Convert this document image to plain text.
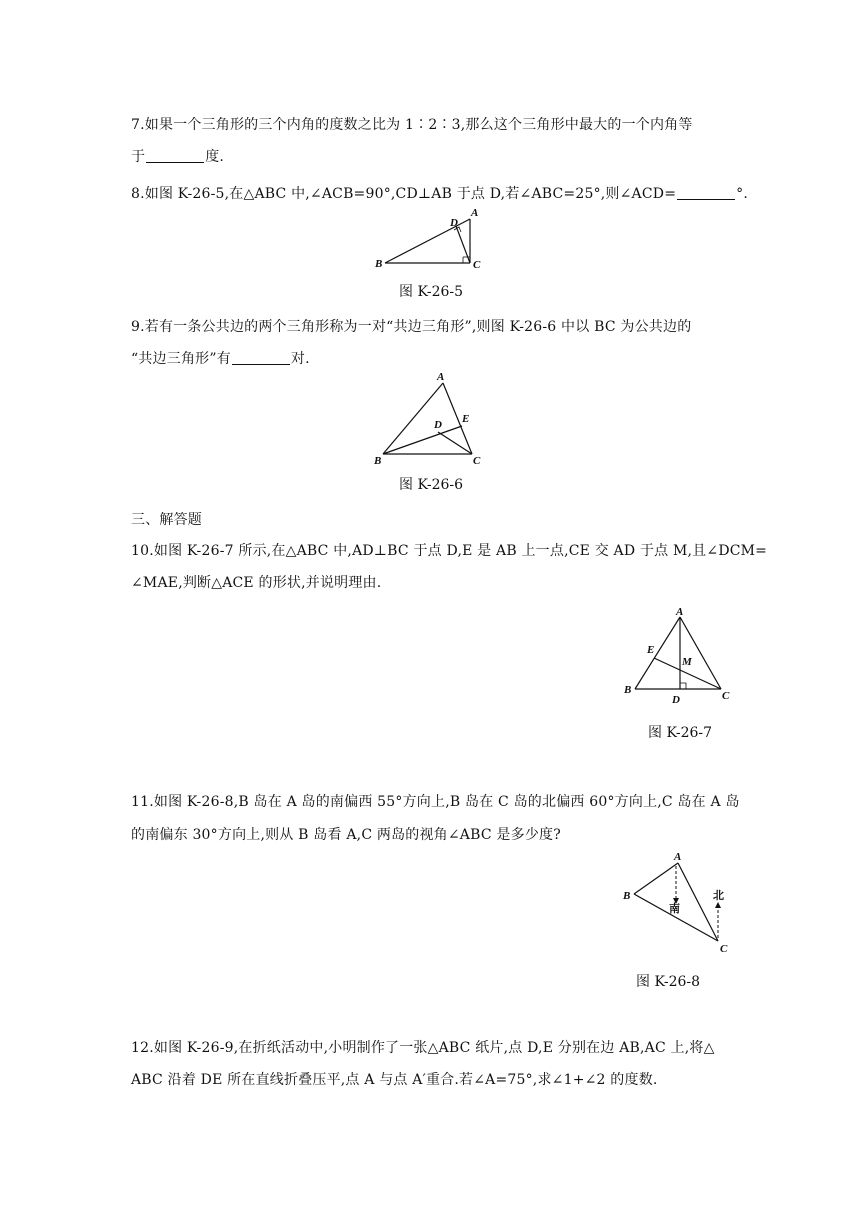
7.如果一个三角形的三个内角的度数之比为 1∶2∶3,那么这个三角形中最大的一个内角等
于	度.
8.如图 K-26-5,在△ABC 中,∠ACB=90°,CD⊥AB 于点 D,若∠ABC=25°,则∠ACD=	°.
A
B	C
D
图 K-26-5
9.若有一条公共边的两个三角形称为一对“共边三角形”,则图 K-26-6 中以 BC 为公共边的
“共边三角形”有	对.
A
B	C
D E
图 K-26-6
三、解答题
10.如图 K-26-7 所示,在△ABC 中,AD⊥BC 于点 D,E 是 AB 上一点,CE 交 AD 于点 M,且∠DCM=
∠MAE,判断△ACE 的形状,并说明理由.
A
B	C
D
E
M
图 K-26-7
11.如图 K-26-8,B 岛在 A 岛的南偏西 55°方向上,B 岛在 C 岛的北偏西 60°方向上,C 岛在 A 岛
的南偏东 30°方向上,则从 B 岛看 A,C 两岛的视角∠ABC 是多少度?
A
B
C
南
北
图 K-26-8
12.如图 K-26-9,在折纸活动中,小明制作了一张△ABC 纸片,点 D,E 分别在边 AB,AC 上,将△
ABC 沿着 DE 所在直线折叠压平,点 A 与点 A′重合.若∠A=75°,求∠1+∠2 的度数.
